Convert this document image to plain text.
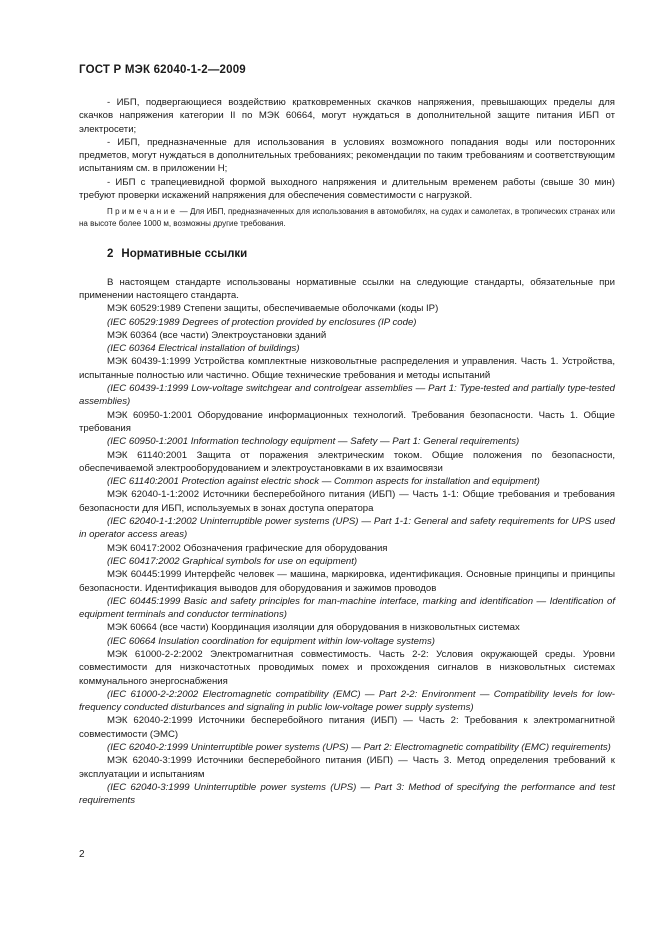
ГОСТ Р МЭК 62040-1-2—2009

- ИБП, подвергающиеся воздействию кратковременных скачков напряжения, превышающих пределы для скачков напряжения категории II по МЭК 60664, могут нуждаться в дополнительной защите питания ИБП от электросети;

- ИБП, предназначенные для использования в условиях возможного попадания воды или посторонних предметов, могут нуждаться в дополнительных требованиях; рекомендации по таким требованиям и соответствующим испытаниям см. в приложении Н;

- ИБП с трапециевидной формой выходного напряжения и длительным временем работы (свыше 30 мин) требуют проверки искажений напряжения для обеспечения совместимости с нагрузкой.

Примечание — Для ИБП, предназначенных для использования в автомобилях, на судах и самолетах, в тропических странах или на высоте более 1000 м, возможны другие требования.

2 Нормативные ссылки

В настоящем стандарте использованы нормативные ссылки на следующие стандарты, обязательные при применении настоящего стандарта.

МЭК 60529:1989 Степени защиты, обеспечиваемые оболочками (коды IP)

(IEC 60529:1989 Degrees of protection provided by enclosures (IP code)

МЭК 60364 (все части) Электроустановки зданий

(IEC 60364 Electrical installation of buildings)

МЭК 60439-1:1999 Устройства комплектные низковольтные распределения и управления. Часть 1. Устройства, испытанные полностью или частично. Общие технические требования и методы испытаний

(IEC 60439-1:1999 Low-voltage switchgear and controlgear assemblies — Part 1: Type-tested and partially type-tested assemblies)

МЭК 60950-1:2001 Оборудование информационных технологий. Требования безопасности. Часть 1. Общие требования

(IEC 60950-1:2001 Information technology equipment — Safety — Part 1: General requirements)

МЭК 61140:2001 Защита от поражения электрическим током. Общие положения по безопасности, обеспечиваемой электрооборудованием и электроустановками в их взаимосвязи

(IEC 61140:2001 Protection against electric shock — Common aspects for installation and equipment)

МЭК 62040-1-1:2002 Источники бесперебойного питания (ИБП) — Часть 1-1: Общие требования и требования безопасности для ИБП, используемых в зонах доступа оператора

(IEC 62040-1-1:2002 Uninterruptible power systems (UPS) — Part 1-1: General and safety requirements for UPS used in operator access areas)

МЭК 60417:2002 Обозначения графические для оборудования

(IEC 60417:2002 Graphical symbols for use on equipment)

МЭК 60445:1999 Интерфейс человек — машина, маркировка, идентификация. Основные принципы и принципы безопасности. Идентификация выводов для оборудования и зажимов проводов

(IEC 60445:1999 Basic and safety principles for man-machine interface, marking and identification — Identification of equipment terminals and conductor terminations)

МЭК 60664 (все части) Координация изоляции для оборудования в низковольтных системах

(IEC 60664 Insulation coordination for equipment within low-voltage systems)

МЭК 61000-2-2:2002 Электромагнитная совместимость. Часть 2-2: Условия окружающей среды. Уровни совместимости для низкочастотных проводимых помех и прохождения сигналов в низковольтных системах коммунального энергоснабжения

(IEC 61000-2-2:2002 Electromagnetic compatibility (EMC) — Part 2-2: Environment — Compatibility levels for low-frequency conducted disturbances and signaling in public low-voltage power supply systems)

МЭК 62040-2:1999 Источники бесперебойного питания (ИБП) — Часть 2: Требования к электромагнитной совместимости (ЭМС)

(IEC 62040-2:1999 Uninterruptible power systems (UPS) — Part 2: Electromagnetic compatibility (EMC) requirements)

МЭК 62040-3:1999 Источники бесперебойного питания (ИБП) — Часть 3. Метод определения требований к эксплуатации и испытаниям

(IEC 62040-3:1999 Uninterruptible power systems (UPS) — Part 3: Method of specifying the performance and test requirements

2
